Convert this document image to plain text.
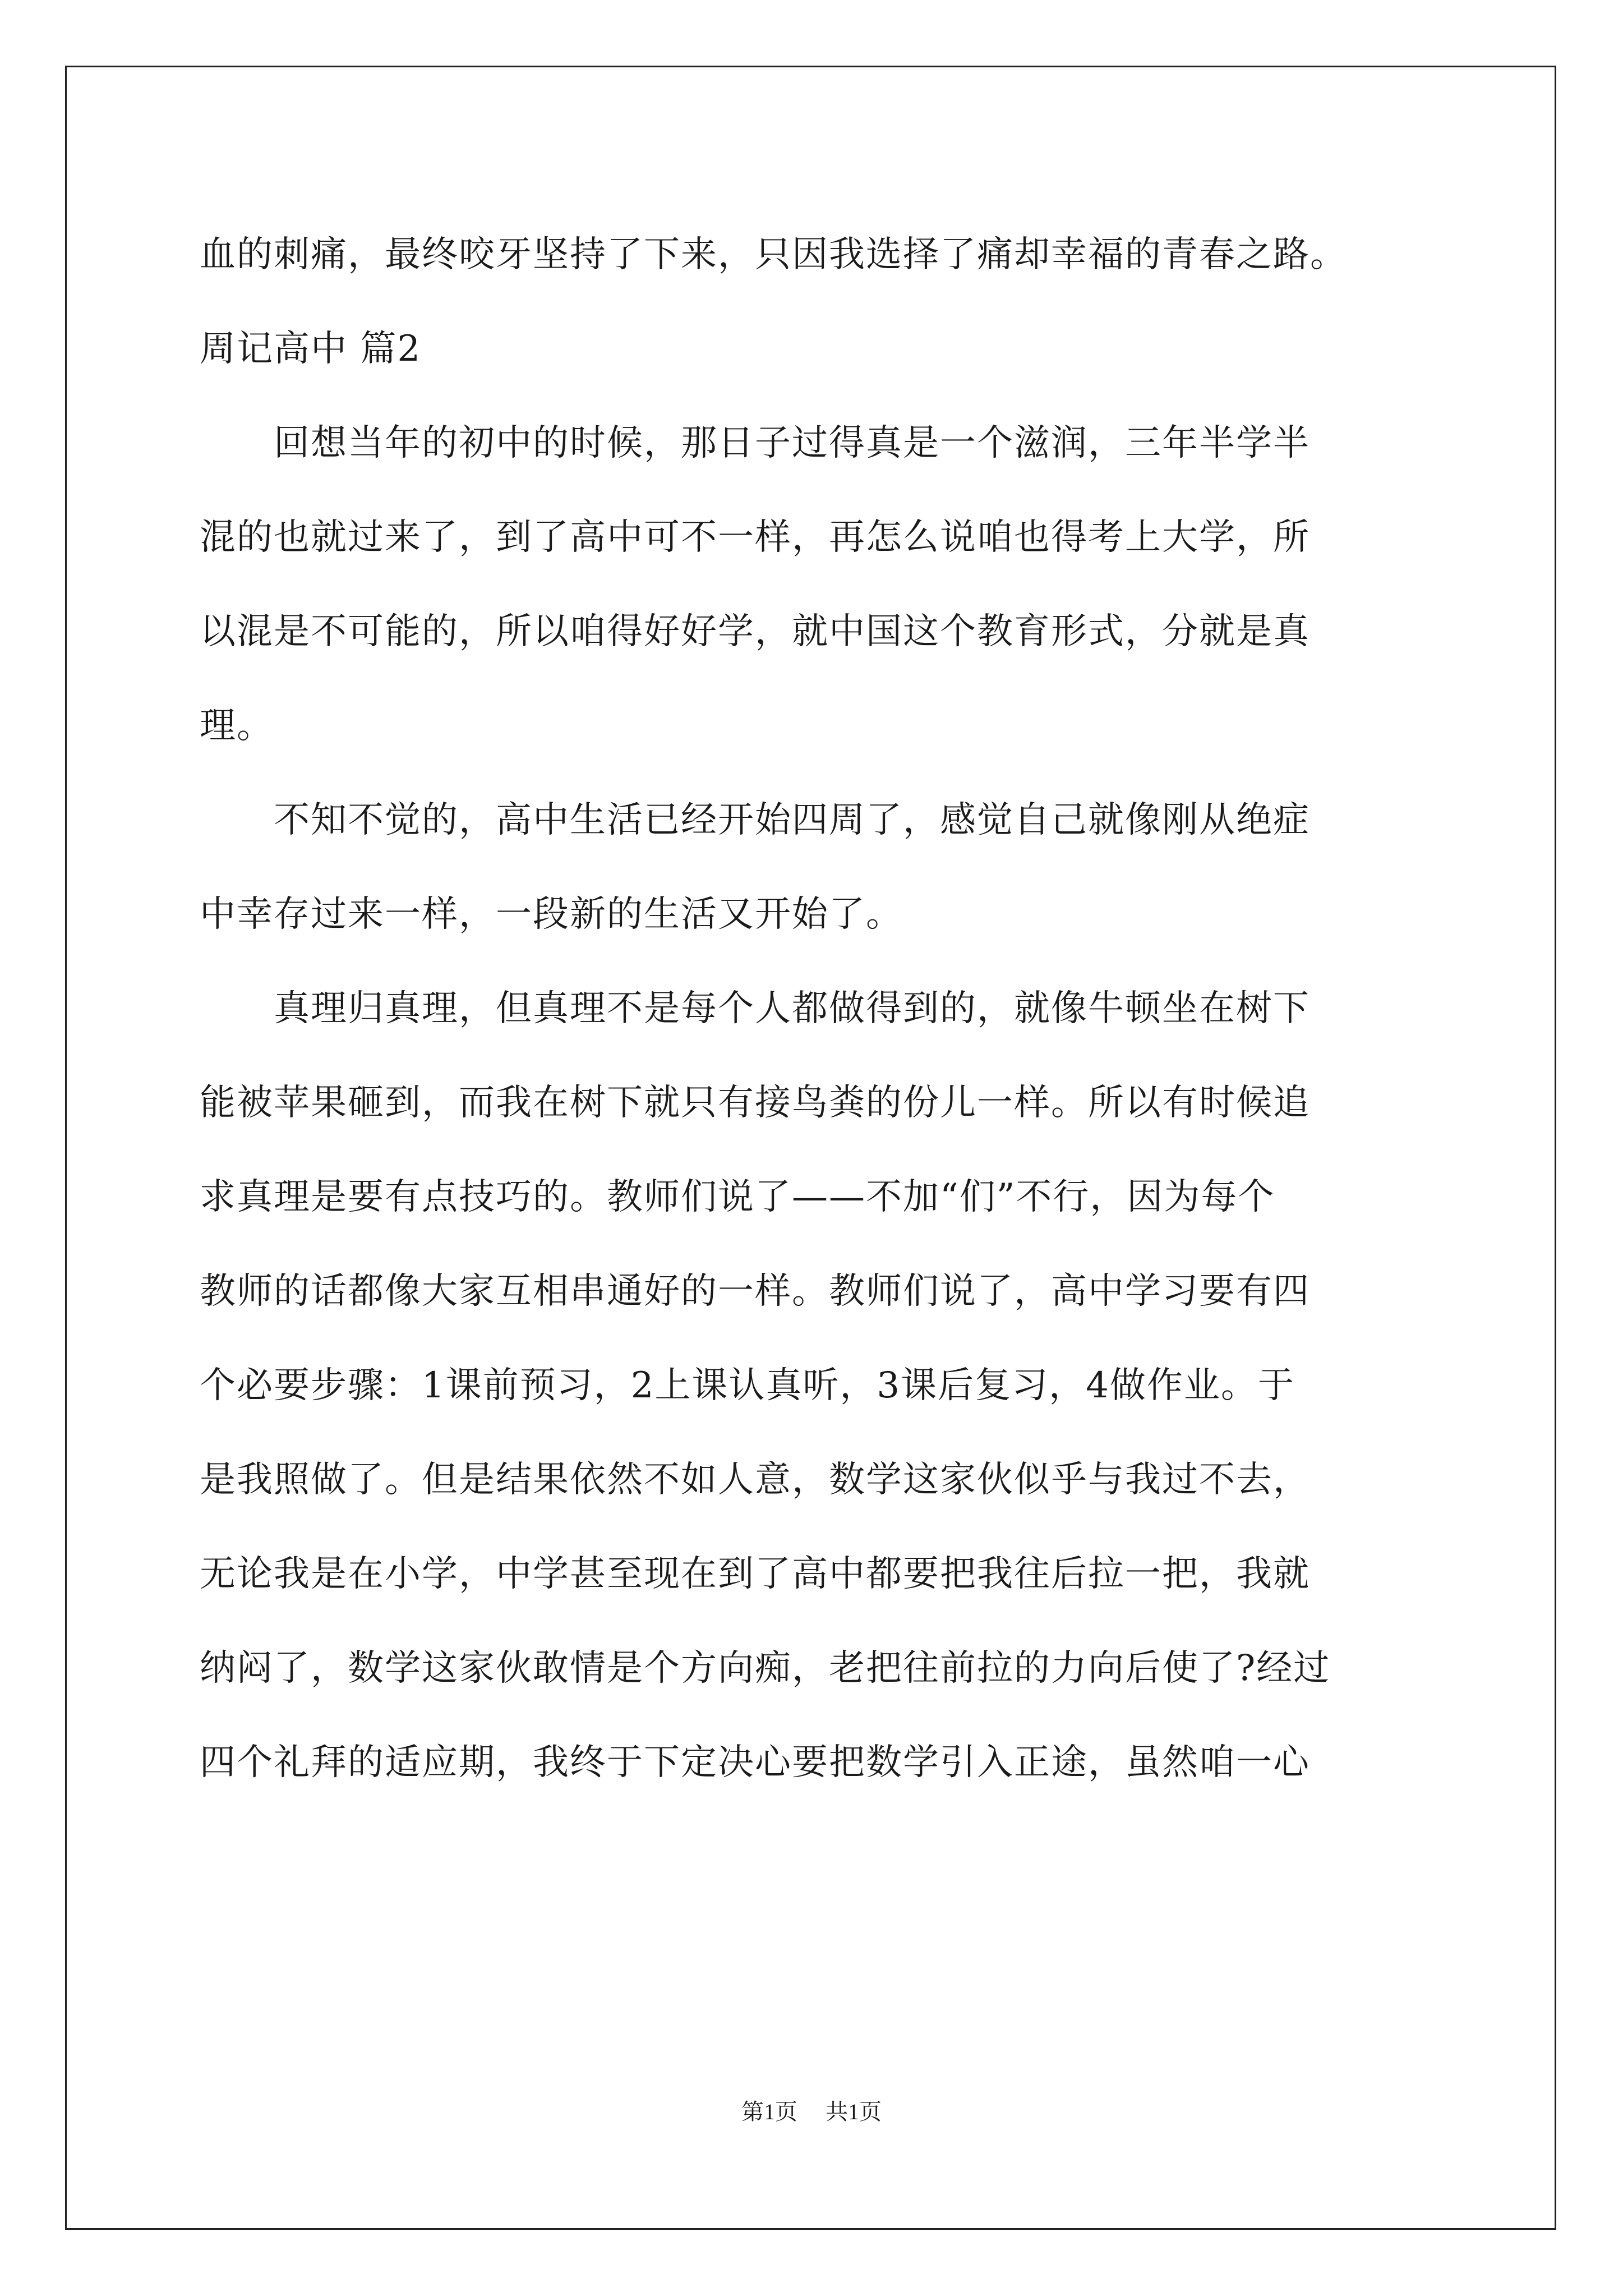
血的刺痛，最终咬牙坚持了下来，只因我选择了痛却幸福的青春之路。
周记高中 篇2
　　回想当年的初中的时候，那日子过得真是一个滋润，三年半学半
混的也就过来了，到了高中可不一样，再怎么说咱也得考上大学，所
以混是不可能的，所以咱得好好学，就中国这个教育形式，分就是真
理。
　　不知不觉的，高中生活已经开始四周了，感觉自己就像刚从绝症
中幸存过来一样，一段新的生活又开始了。
　　真理归真理，但真理不是每个人都做得到的，就像牛顿坐在树下
能被苹果砸到，而我在树下就只有接鸟粪的份儿一样。所以有时候追
求真理是要有点技巧的。教师们说了——不加“们”不行，因为每个
教师的话都像大家互相串通好的一样。教师们说了，高中学习要有四
个必要步骤：1课前预习，2上课认真听，3课后复习，4做作业。于
是我照做了。但是结果依然不如人意，数学这家伙似乎与我过不去，
无论我是在小学，中学甚至现在到了高中都要把我往后拉一把，我就
纳闷了，数学这家伙敢情是个方向痴，老把往前拉的力向后使了?经过
四个礼拜的适应期，我终于下定决心要把数学引入正途，虽然咱一心
第1页 共1页
